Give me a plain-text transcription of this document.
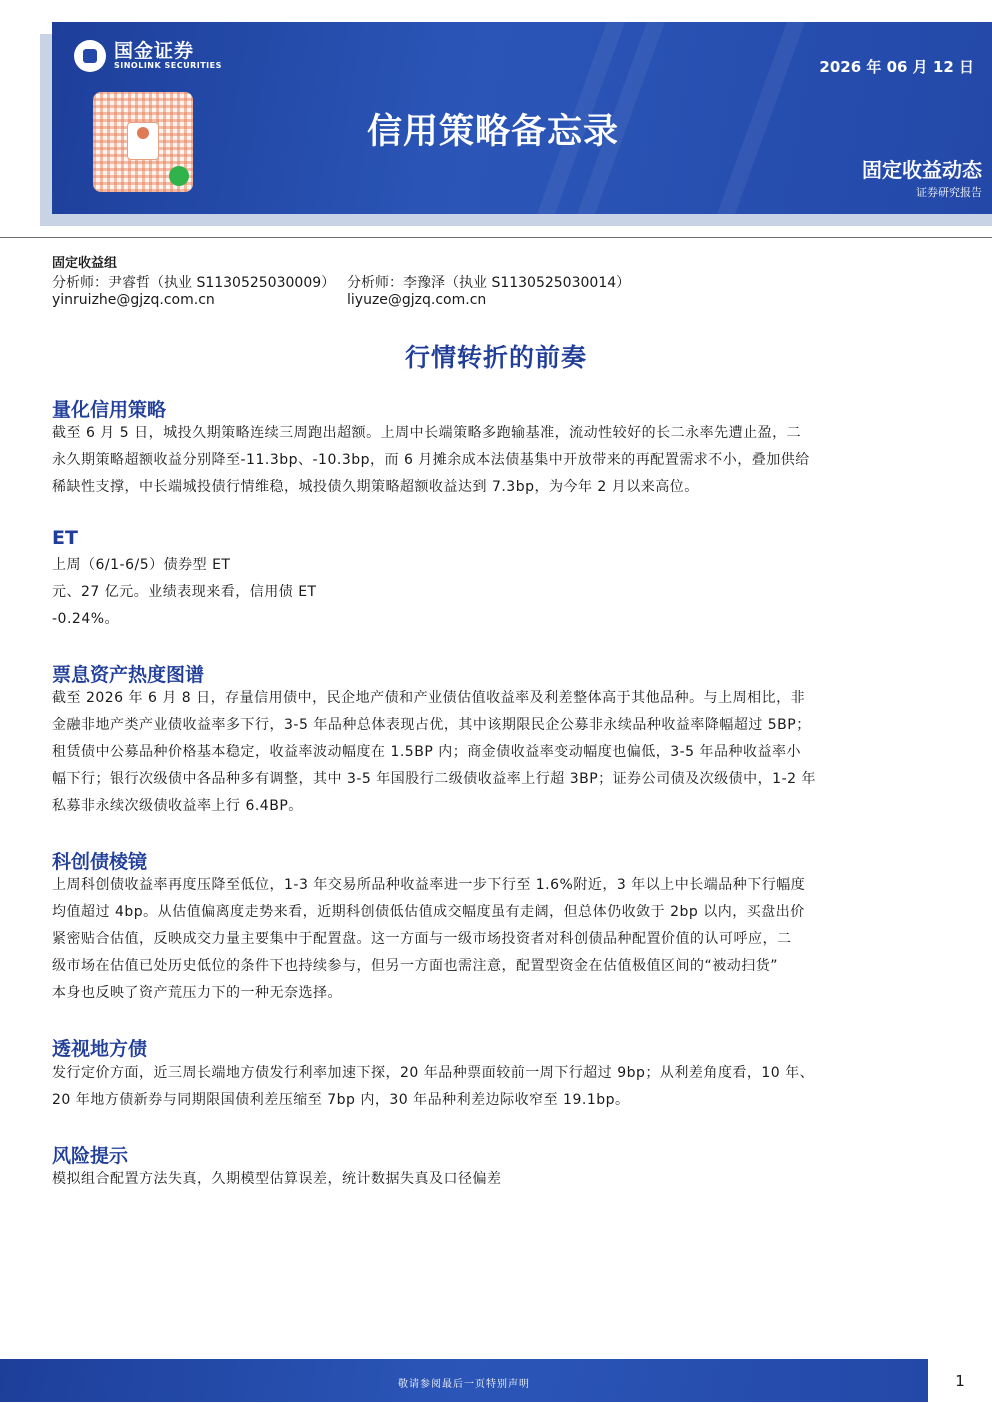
国金证券
SINOLINK SECURITIES	2026 年 06 月 12 日
信用策略备忘录
固定收益动态
证券研究报告
固定收益组
分析师：尹睿哲（执业 S1130525030009） 分析师：李豫泽（执业 S1130525030014）
yinruizhe@gjzq.com.cn	liyuze@gjzq.com.cn
行情转折的前奏
量化信用策略
截至 6 月 5 日，城投久期策略连续三周跑出超额。上周中长端策略多跑输基准，流动性较好的长二永率先遭止盈，二
永久期策略超额收益分别降至-11.3bp、-10.3bp，而 6 月摊余成本法债基集中开放带来的再配置需求不小，叠加供给
稀缺性支撑，中长端城投债行情维稳，城投债久期策略超额收益达到 7.3bp，为今年 2 月以来高位。
ET
上周（6/1-6/5）债券型 ET
元、27 亿元。业绩表现来看，信用债 ET
-0.24%。
票息资产热度图谱
截至 2026 年 6 月 8 日，存量信用债中，民企地产债和产业债估值收益率及利差整体高于其他品种。与上周相比，非
金融非地产类产业债收益率多下行，3-5 年品种总体表现占优，其中该期限民企公募非永续品种收益率降幅超过 5BP；
租赁债中公募品种价格基本稳定，收益率波动幅度在 1.5BP 内；商金债收益率变动幅度也偏低，3-5 年品种收益率小
幅下行；银行次级债中各品种多有调整，其中 3-5 年国股行二级债收益率上行超 3BP；证券公司债及次级债中，1-2 年
私募非永续次级债收益率上行 6.4BP。
科创债棱镜
上周科创债收益率再度压降至低位，1-3 年交易所品种收益率进一步下行至 1.6%附近，3 年以上中长端品种下行幅度
均值超过 4bp。从估值偏离度走势来看，近期科创债低估值成交幅度虽有走阔，但总体仍收敛于 2bp 以内，买盘出价
紧密贴合估值，反映成交力量主要集中于配置盘。这一方面与一级市场投资者对科创债品种配置价值的认可呼应，二
级市场在估值已处历史低位的条件下也持续参与，但另一方面也需注意，配置型资金在估值极值区间的“被动扫货”
本身也反映了资产荒压力下的一种无奈选择。
透视地方债
发行定价方面，近三周长端地方债发行利率加速下探，20 年品种票面较前一周下行超过 9bp；从利差角度看，10 年、
20 年地方债新券与同期限国债利差压缩至 7bp 内，30 年品种利差边际收窄至 19.1bp。
风险提示
模拟组合配置方法失真，久期模型估算误差，统计数据失真及口径偏差
敬请参阅最后一页特别声明	1
